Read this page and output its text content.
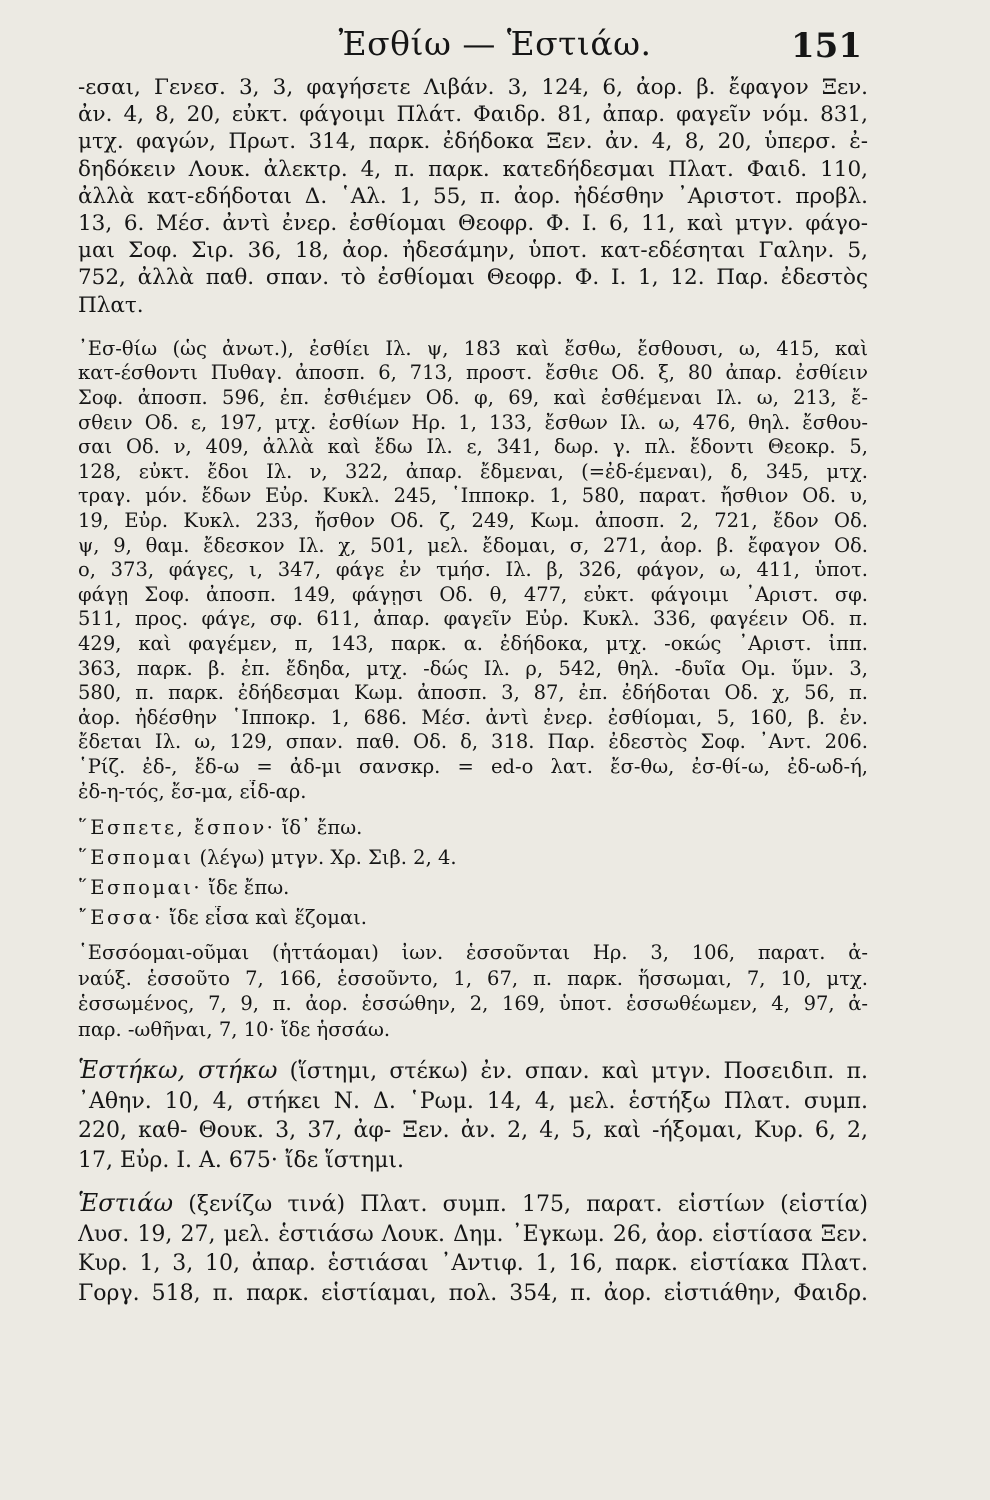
Ἐσθίω — Ἑστιάω.	151
-εσαι, Γενεσ. 3, 3, φαγήσετε Λιβάν. 3, 124, 6, ἀορ. β. ἔφαγον Ξεν.
ἀν. 4, 8, 20, εὐκτ. φάγοιμι Πλάτ. Φαιδρ. 81, ἀπαρ. φαγεῖν νόμ. 831,
μτχ. φαγών, Πρωτ. 314, παρκ. ἐδήδοκα Ξεν. ἀν. 4, 8, 20, ὑπερσ. ἐ-
δηδόκειν Λουκ. ἀλεκτρ. 4, π. παρκ. κατεδήδεσμαι Πλατ. Φαιδ. 110,
ἀλλὰ κατ-εδήδοται Δ. ῾Αλ. 1, 55, π. ἀορ. ἠδέσθην ᾿Αριστοτ. προβλ.
13, 6. Μέσ. ἀντὶ ἐνερ. ἐσθίομαι Θεοφρ. Φ. Ι. 6, 11, καὶ μτγν. φάγο-
μαι Σοφ. Σιρ. 36, 18, ἀορ. ἠδεσάμην, ὑποτ. κατ-εδέσηται Γαλην. 5,
752, ἀλλὰ παθ. σπαν. τὸ ἐσθίομαι Θεοφρ. Φ. Ι. 1, 12. Παρ. ἐδεστὸς
Πλατ.
᾿Εσ-θίω (ὡς ἀνωτ.), ἐσθίει Ιλ. ψ, 183 καὶ ἔσθω, ἔσθουσι, ω, 415, καὶ
κατ-έσθοντι Πυθαγ. ἀποσπ. 6, 713, προστ. ἔσθιε Οδ. ξ, 80 ἀπαρ. ἐσθίειν
Σοφ. ἀποσπ. 596, ἐπ. ἐσθιέμεν Οδ. φ, 69, καὶ ἐσθέμεναι Ιλ. ω, 213, ἔ-
σθειν Οδ. ε, 197, μτχ. ἐσθίων Ηρ. 1, 133, ἔσθων Ιλ. ω, 476, θηλ. ἔσθου-
σαι Οδ. ν, 409, ἀλλὰ καὶ ἔδω Ιλ. ε, 341, δωρ. γ. πλ. ἔδοντι Θεοκρ. 5,
128, εὐκτ. ἔδοι Ιλ. ν, 322, ἀπαρ. ἔδμεναι, (=ἐδ-έμεναι), δ, 345, μτχ.
τραγ. μόν. ἔδων Εὐρ. Κυκλ. 245, ῾Ιπποκρ. 1, 580, παρατ. ἤσθιον Οδ. υ,
19, Εὐρ. Κυκλ. 233, ἤσθον Οδ. ζ, 249, Κωμ. ἀποσπ. 2, 721, ἔδον Οδ.
ψ, 9, θαμ. ἔδεσκον Ιλ. χ, 501, μελ. ἔδομαι, σ, 271, ἀορ. β. ἔφαγον Οδ.
ο, 373, φάγες, ι, 347, φάγε ἐν τμήσ. Ιλ. β, 326, φάγον, ω, 411, ὑποτ.
φάγῃ Σοφ. ἀποσπ. 149, φάγῃσι Οδ. θ, 477, εὐκτ. φάγοιμι ᾿Αριστ. σφ.
511, προς. φάγε, σφ. 611, ἀπαρ. φαγεῖν Εὐρ. Κυκλ. 336, φαγέειν Οδ. π.
429, καὶ φαγέμεν, π, 143, παρκ. α. ἐδήδοκα, μτχ. -οκώς ᾿Αριστ. ἱππ.
363, παρκ. β. ἐπ. ἔδηδα, μτχ. -δώς Ιλ. ρ, 542, θηλ. -δυῖα Ομ. ὕμν. 3,
580, π. παρκ. ἐδήδεσμαι Κωμ. ἀποσπ. 3, 87, ἐπ. ἐδήδοται Οδ. χ, 56, π.
ἀορ. ἠδέσθην ῾Ιπποκρ. 1, 686. Μέσ. ἀντὶ ἐνερ. ἐσθίομαι, 5, 160, β. ἐν.
ἔδεται Ιλ. ω, 129, σπαν. παθ. Οδ. δ, 318. Παρ. ἐδεστὸς Σοφ. ᾿Αντ. 206.
῾Ρίζ. ἐδ-, ἔδ-ω = ἀδ-μι σανσκρ. = ed-o λατ. ἔσ-θω, ἐσ-θί-ω, ἐδ-ωδ-ή,
ἐδ-η-τός, ἔσ-μα, εἶδ-αρ.
῞Εσπετε, ἔσπον· ἴδ᾿ ἔπω.
῞Εσπομαι (λέγω) μτγν. Χρ. Σιβ. 2, 4.
῞Εσπομαι· ἴδε ἔπω.
῎Εσσα· ἴδε εἶσα καὶ ἕζομαι.
῾Εσσόομαι-οῦμαι (ἡττάομαι) ἰων. ἑσσοῦνται Ηρ. 3, 106, παρατ. ἀ-
ναύξ. ἑσσοῦτο 7, 166, ἑσσοῦντο, 1, 67, π. παρκ. ἥσσωμαι, 7, 10, μτχ.
ἑσσωμένος, 7, 9, π. ἀορ. ἑσσώθην, 2, 169, ὑποτ. ἑσσωθέωμεν, 4, 97, ἀ-
παρ. -ωθῆναι, 7, 10· ἴδε ἡσσάω.
Ἑστήκω, στήκω (ἵστημι, στέκω) ἐν. σπαν. καὶ μτγν. Ποσειδιπ. π.
᾿Αθην. 10, 4, στήκει Ν. Δ. ῾Ρωμ. 14, 4, μελ. ἑστήξω Πλατ. συμπ.
220, καθ- Θουκ. 3, 37, ἀφ- Ξεν. ἀν. 2, 4, 5, καὶ -ήξομαι, Κυρ. 6, 2,
17, Εὐρ. Ι. Α. 675· ἴδε ἵστημι.
Ἑστιάω (ξενίζω τινά) Πλατ. συμπ. 175, παρατ. εἱστίων (εἱστία)
Λυσ. 19, 27, μελ. ἑστιάσω Λουκ. Δημ. ᾿Εγκωμ. 26, ἀορ. εἱστίασα Ξεν.
Κυρ. 1, 3, 10, ἀπαρ. ἑστιάσαι ᾿Αντιφ. 1, 16, παρκ. εἱστίακα Πλατ.
Γοργ. 518, π. παρκ. εἱστίαμαι, πολ. 354, π. ἀορ. εἱστιάθην, Φαιδρ.
